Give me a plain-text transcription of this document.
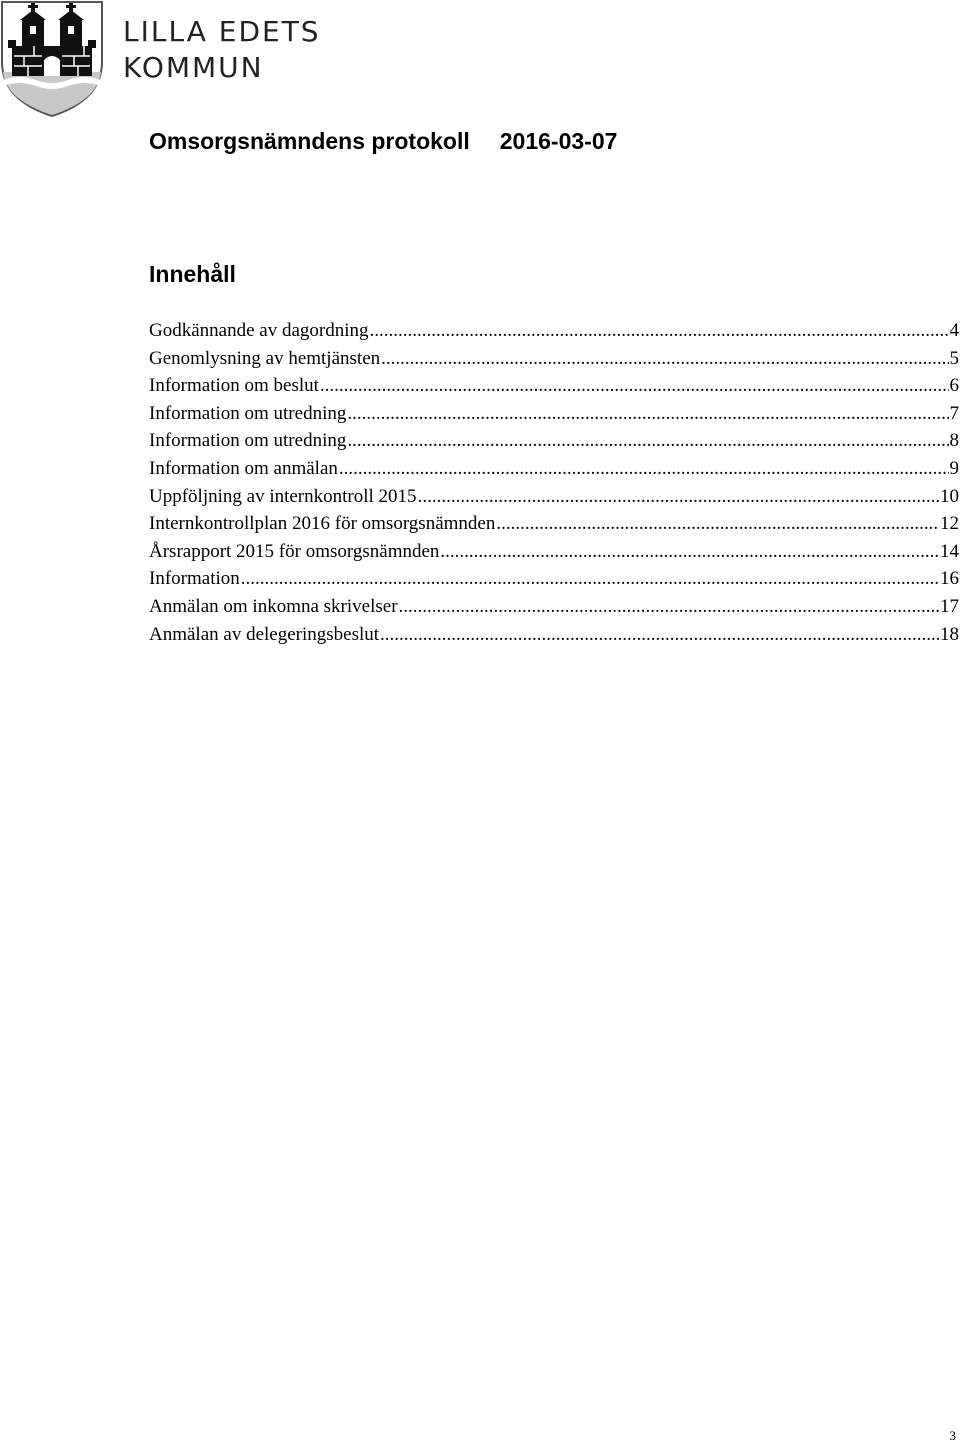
LILLA EDETS
KOMMUN
Omsorgsnämndens protokoll 2016-03-07
Innehåll
Godkännande av dagordning .....	4
Genomlysning av hemtjänsten .....	5
Information om beslut .....	6
Information om utredning .....	7
Information om utredning .....	8
Information om anmälan .....	9
Uppföljning av internkontroll 2015 .....	10
Internkontrollplan 2016 för omsorgsnämnden .....	12
Årsrapport 2015 för omsorgsnämnden .....	14
Information .....	16
Anmälan om inkomna skrivelser .....	17
Anmälan av delegeringsbeslut .....	18
3
